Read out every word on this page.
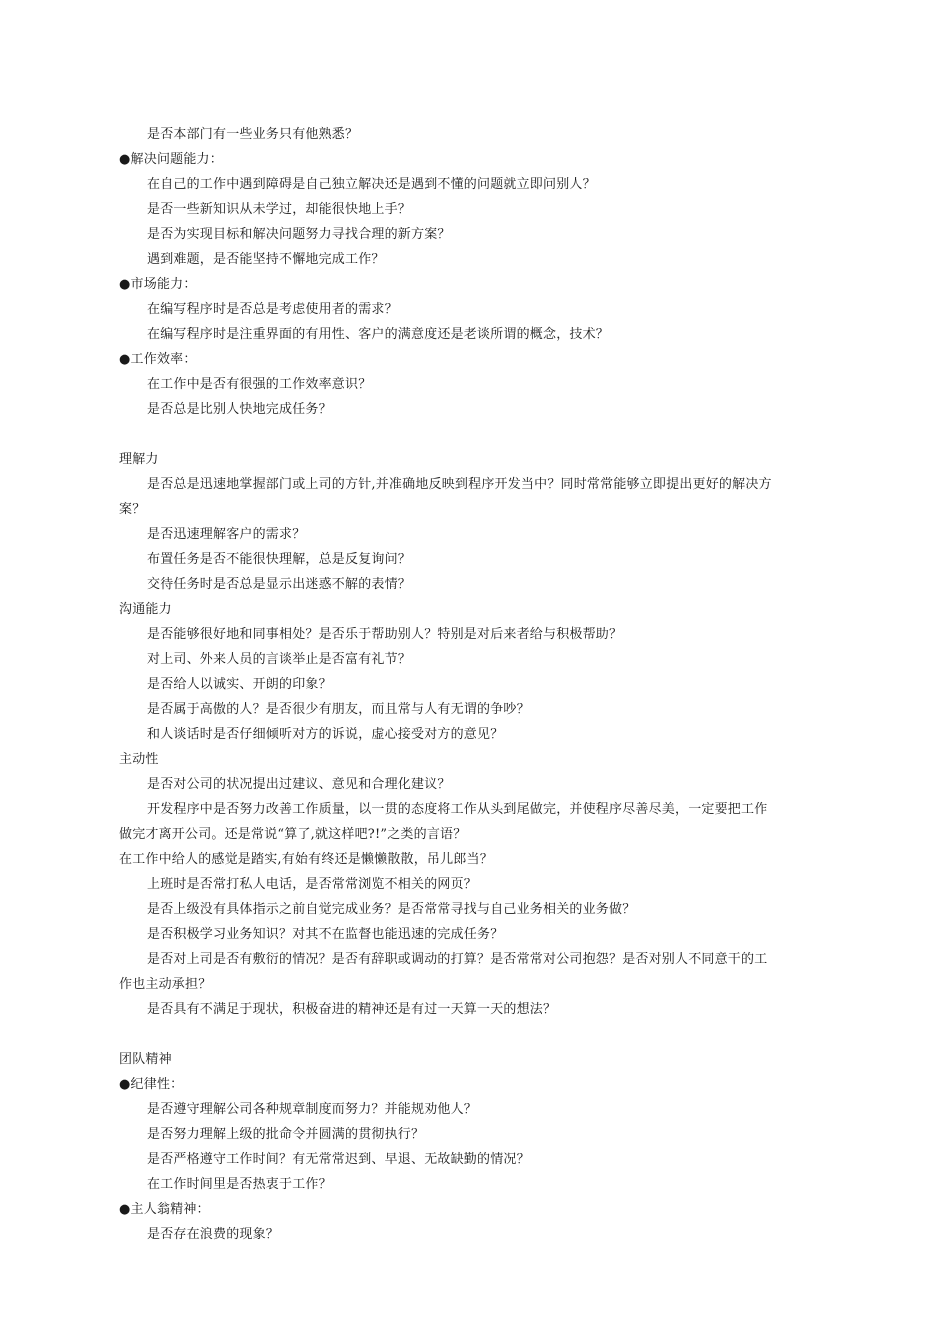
是否本部门有一些业务只有他熟悉？
●解决问题能力：
在自己的工作中遇到障碍是自己独立解决还是遇到不懂的问题就立即问别人？
是否一些新知识从未学过，却能很快地上手？
是否为实现目标和解决问题努力寻找合理的新方案？
遇到难题，是否能坚持不懈地完成工作？
●市场能力：
在编写程序时是否总是考虑使用者的需求？
在编写程序时是注重界面的有用性、客户的满意度还是老谈所谓的概念，技术？
●工作效率：
在工作中是否有很强的工作效率意识？
是否总是比别人快地完成任务？
理解力
是否总是迅速地掌握部门或上司的方针,并准确地反映到程序开发当中？同时常常能够立即提出更好的解决方
案？
是否迅速理解客户的需求？
布置任务是否不能很快理解，总是反复询问？
交待任务时是否总是显示出迷惑不解的表情？
沟通能力
是否能够很好地和同事相处？是否乐于帮助别人？特别是对后来者给与积极帮助？
对上司、外来人员的言谈举止是否富有礼节？
是否给人以诚实、开朗的印象？
是否属于高傲的人？是否很少有朋友，而且常与人有无谓的争吵？
和人谈话时是否仔细倾听对方的诉说，虚心接受对方的意见？
主动性
是否对公司的状况提出过建议、意见和合理化建议？
开发程序中是否努力改善工作质量，以一贯的态度将工作从头到尾做完，并使程序尽善尽美，一定要把工作
做完才离开公司。还是常说“算了,就这样吧?!”之类的言语？
在工作中给人的感觉是踏实,有始有终还是懒懒散散，吊儿郎当？
上班时是否常打私人电话，是否常常浏览不相关的网页？
是否上级没有具体指示之前自觉完成业务？是否常常寻找与自己业务相关的业务做？
是否积极学习业务知识？对其不在监督也能迅速的完成任务？
是否对上司是否有敷衍的情况？是否有辞职或调动的打算？是否常常对公司抱怨？是否对别人不同意干的工
作也主动承担？
是否具有不满足于现状，积极奋进的精神还是有过一天算一天的想法？
团队精神
●纪律性：
是否遵守理解公司各种规章制度而努力？并能规劝他人？
是否努力理解上级的批命令并圆满的贯彻执行？
是否严格遵守工作时间？有无常常迟到、早退、无故缺勤的情况？
在工作时间里是否热衷于工作？
●主人翁精神：
是否存在浪费的现象？
